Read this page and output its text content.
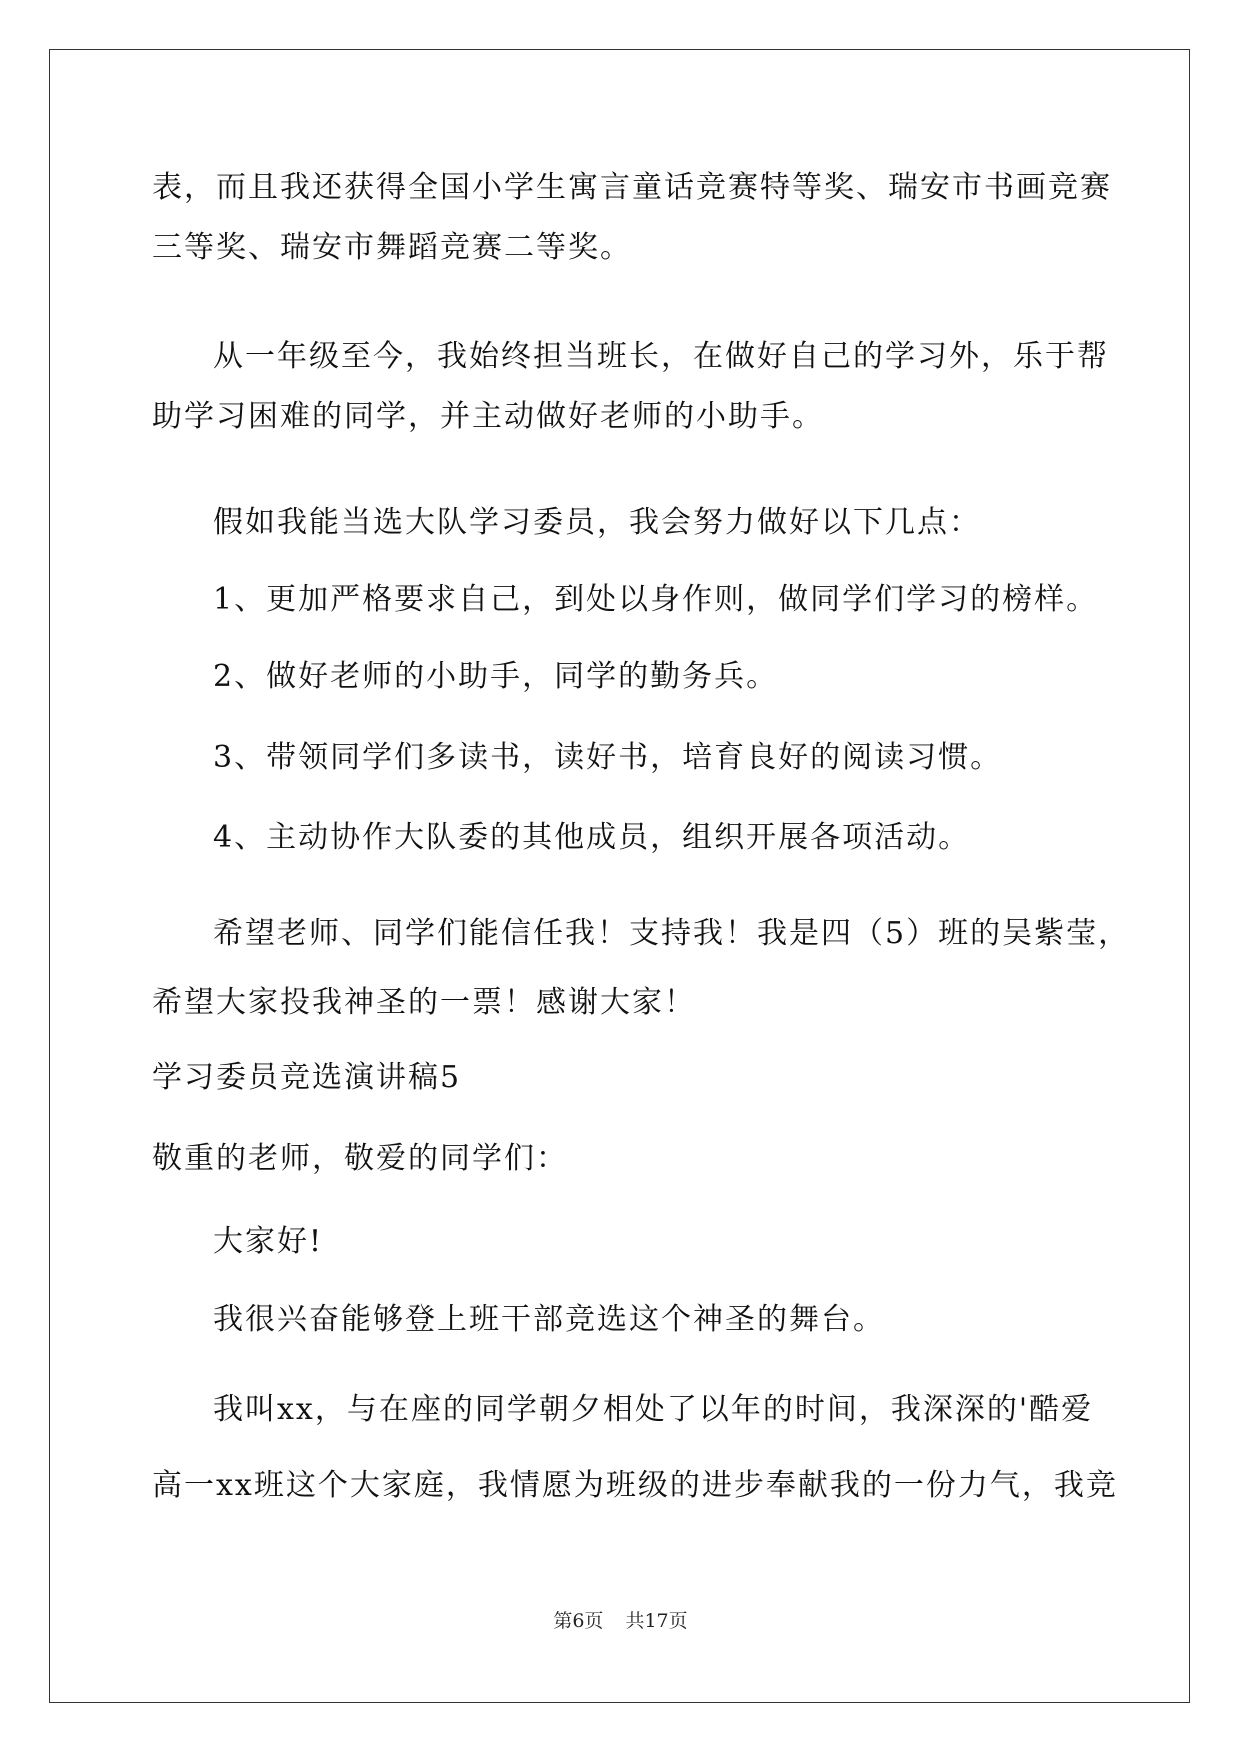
表，而且我还获得全国小学生寓言童话竞赛特等奖、瑞安市书画竞赛
三等奖、瑞安市舞蹈竞赛二等奖。
从一年级至今，我始终担当班长，在做好自己的学习外，乐于帮
助学习困难的同学，并主动做好老师的小助手。
假如我能当选大队学习委员，我会努力做好以下几点：
1、更加严格要求自己，到处以身作则，做同学们学习的榜样。
2、做好老师的小助手，同学的勤务兵。
3、带领同学们多读书，读好书，培育良好的阅读习惯。
4、主动协作大队委的其他成员，组织开展各项活动。
希望老师、同学们能信任我！支持我！我是四（5）班的吴紫莹，
希望大家投我神圣的一票！感谢大家！
学习委员竞选演讲稿5
敬重的老师，敬爱的同学们：
大家好!
我很兴奋能够登上班干部竞选这个神圣的舞台。
我叫xx，与在座的同学朝夕相处了以年的时间，我深深的'酷爱
高一xx班这个大家庭，我情愿为班级的进步奉献我的一份力气，我竞
第6页 共17页
